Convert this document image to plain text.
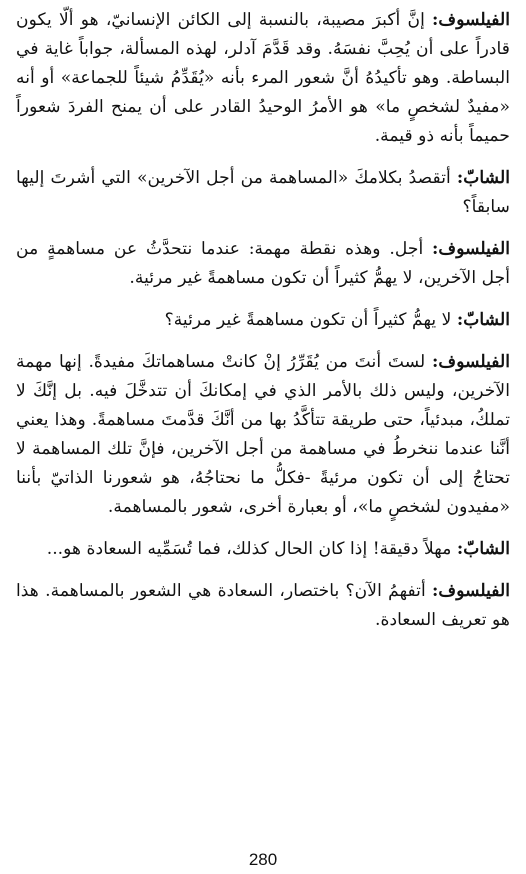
الفيلسوف: إنَّ أكبرَ مصيبة، بالنسبة إلى الكائن الإنسانيّ، هو ألّا يكون قادراً على أن يُحِبَّ نفسَهُ. وقد قَدَّمَ آدلر، لهذه المسألة، جواباً غاية في البساطة. وهو تأكيدُهُ أنَّ شعور المرء بأنه «يُقَدِّمُ شيئاً للجماعة» أو أنه «مفيدٌ لشخصٍ ما» هو الأمرُ الوحيدُ القادر على أن يمنح الفردَ شعوراً حميماً بأنه ذو قيمة.

الشابّ: أتقصدُ بكلامكَ «المساهمة من أجل الآخرين» التي أشرتَ إليها سابقاً؟

الفيلسوف: أجل. وهذه نقطة مهمة: عندما نتحدَّثُ عن مساهمةٍ من أجل الآخرين، لا يهمُّ كثيراً أن تكون مساهمةً غير مرئية.

الشابّ: لا يهمُّ كثيراً أن تكون مساهمةً غير مرئية؟

الفيلسوف: لستَ أنتَ من يُقَرِّرُ إنْ كانتْ مساهماتكَ مفيدةً. إنها مهمة الآخرين، وليس ذلك بالأمر الذي في إمكانكَ أن تتدخَّلَ فيه. بل إنَّكَ لا تملكُ، مبدئياً، حتى طريقة تتأكَّدُ بها من أنَّكَ قدَّمتَ مساهمةً. وهذا يعني أنَّنا عندما ننخرطُ في مساهمة من أجل الآخرين، فإنَّ تلك المساهمة لا تحتاجُ إلى أن تكون مرئيةً -فكلُّ ما نحتاجُهُ، هو شعورنا الذاتيّ بأننا «مفيدون لشخصٍ ما»، أو بعبارة أخرى، شعور بالمساهمة.

الشابّ: مهلاً دقيقة! إذا كان الحال كذلك، فما تُسَمِّيه السعادة هو...

الفيلسوف: أتفهمُ الآن؟ باختصار، السعادة هي الشعور بالمساهمة. هذا هو تعريف السعادة.

280
